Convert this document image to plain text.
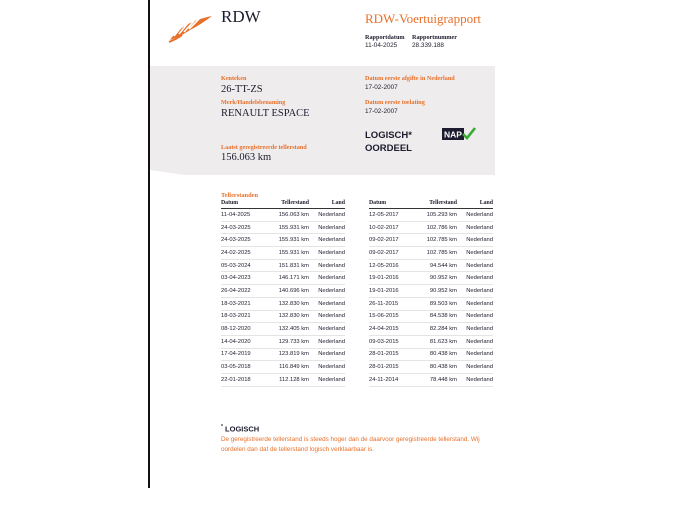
RDW	RDW-Voertuigrapport
Rapportdatum
11-04-2025
Rapportnummer
28.339.188
Kenteken
26-TT-ZS
Merk/Handelsbenaming
RENAULT ESPACE
Laatst geregistreerde tellerstand
156.063 km
Datum eerste afgifte in Nederland
17-02-2007
Datum eerste toelating
17-02-2007
LOGISCH*
OORDEEL
NAP
Tellerstanden
Datum	Tellerstand	Land
11-04-2025	156.063 km	Nederland
24-03-2025	155.931 km	Nederland
24-03-2025	155.931 km	Nederland
24-02-2025	155.931 km	Nederland
05-03-2024	151.831 km	Nederland
03-04-2023	146.171 km	Nederland
26-04-2022	140.696 km	Nederland
18-03-2021	132.830 km	Nederland
18-03-2021	132.830 km	Nederland
08-12-2020	132.405 km	Nederland
14-04-2020	129.733 km	Nederland
17-04-2019	123.819 km	Nederland
03-05-2018	116.849 km	Nederland
22-01-2018	112.128 km	Nederland
Datum	Tellerstand	Land
12-05-2017	105.293 km	Nederland
10-02-2017	102.786 km	Nederland
09-02-2017	102.785 km	Nederland
09-02-2017	102.785 km	Nederland
12-05-2016	94.544 km	Nederland
19-01-2016	90.952 km	Nederland
19-01-2016	90.952 km	Nederland
26-11-2015	89.503 km	Nederland
15-06-2015	84.538 km	Nederland
24-04-2015	82.284 km	Nederland
09-03-2015	81.623 km	Nederland
28-01-2015	80.438 km	Nederland
28-01-2015	80.438 km	Nederland
24-11-2014	78.448 km	Nederland
* LOGISCH
De geregistreerde tellerstand is steeds hoger dan de daarvoor geregistreerde tellerstand. Wij oordelen dan dat de tellerstand logisch verklaarbaar is.
